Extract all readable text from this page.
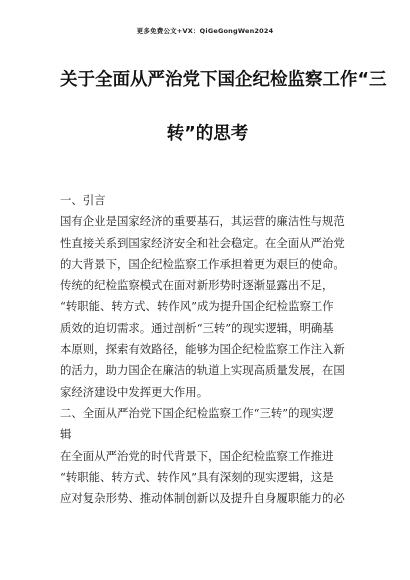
更多免费公文+VX：QiGeGongWen2024
关于全面从严治党下国企纪检监察工作“三
转”的思考
一、引言
国有企业是国家经济的重要基石，其运营的廉洁性与规范
性直接关系到国家经济安全和社会稳定。在全面从严治党
的大背景下，国企纪检监察工作承担着更为艰巨的使命。
传统的纪检监察模式在面对新形势时逐渐显露出不足，
“转职能、转方式、转作风”成为提升国企纪检监察工作
质效的迫切需求。通过剖析“三转”的现实逻辑，明确基
本原则，探索有效路径，能够为国企纪检监察工作注入新
的活力，助力国企在廉洁的轨道上实现高质量发展，在国
家经济建设中发挥更大作用。
二、全面从严治党下国企纪检监察工作“三转”的现实逻
辑
在全面从严治党的时代背景下，国企纪检监察工作推进
“转职能、转方式、转作风”具有深刻的现实逻辑，这是
应对复杂形势、推动体制创新以及提升自身履职能力的必
